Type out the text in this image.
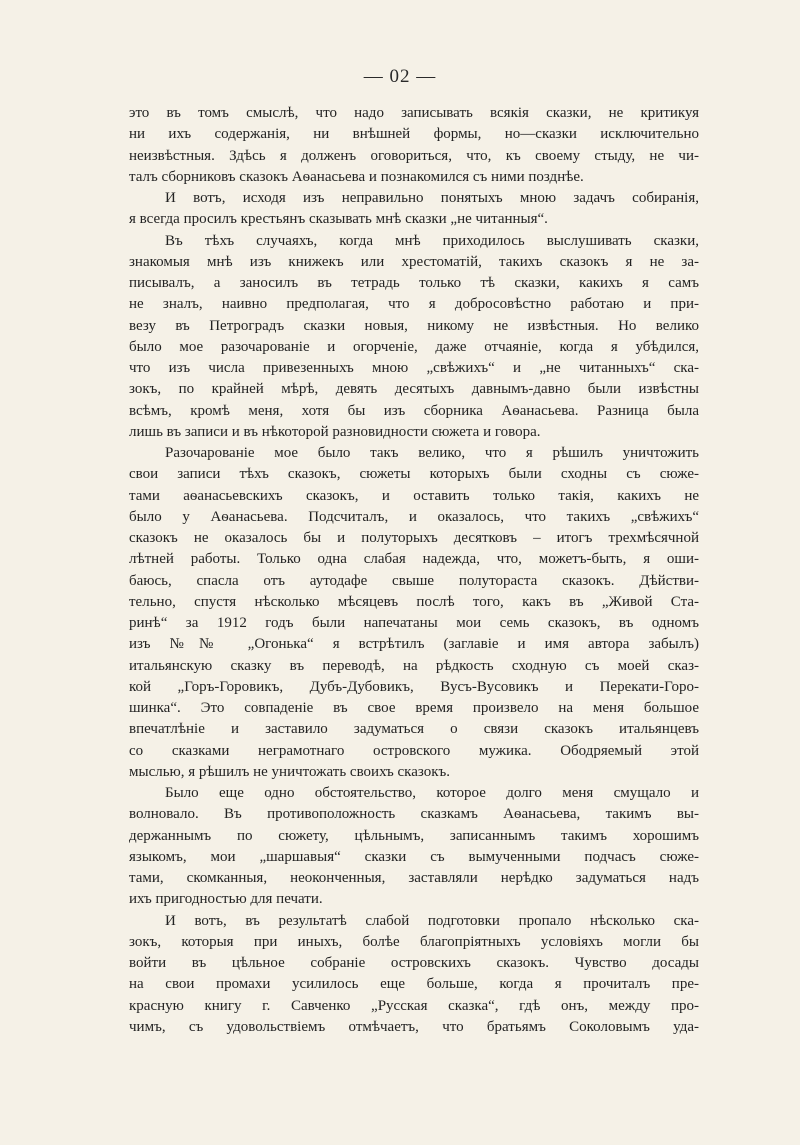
— 02 —
это въ томъ смыслѣ, что надо записывать всякія сказки, не критикуя
ни ихъ содержанія, ни внѣшней формы, но—сказки исключительно
неизвѣстныя. Здѣсь я долженъ оговориться, что, къ своему стыду, не чи-
талъ сборниковъ сказокъ Аѳанасьева и познакомился съ ними позднѣе.
И вотъ, исходя изъ неправильно понятыхъ мною задачъ собиранія,
я всегда просилъ крестьянъ сказывать мнѣ сказки „не читанныя“.
Въ тѣхъ случаяхъ, когда мнѣ приходилось выслушивать сказки,
знакомыя мнѣ изъ книжекъ или хрестоматій, такихъ сказокъ я не за-
писывалъ, а заносилъ въ тетрадь только тѣ сказки, какихъ я самъ
не зналъ, наивно предполагая, что я добросовѣстно работаю и при-
везу въ Петроградъ сказки новыя, никому не извѣстныя. Но велико
было мое разочарованіе и огорченіе, даже отчаяніе, когда я убѣдился,
что изъ числа привезенныхъ мною „свѣжихъ“ и „не читанныхъ“ ска-
зокъ, по крайней мѣрѣ, девять десятыхъ давнымъ-давно были извѣстны
всѣмъ, кромѣ меня, хотя бы изъ сборника Аѳанасьева. Разница была
лишь въ записи и въ нѣкоторой разновидности сюжета и говора.
Разочарованіе мое было такъ велико, что я рѣшилъ уничтожить
свои записи тѣхъ сказокъ, сюжеты которыхъ были сходны съ сюже-
тами аѳанасьевскихъ сказокъ, и оставить только такія, какихъ не
было у Аѳанасьева. Подсчиталъ, и оказалось, что такихъ „свѣжихъ“
сказокъ не оказалось бы и полуторыхъ десятковъ – итогъ трехмѣсячной
лѣтней работы. Только одна слабая надежда, что, можетъ-быть, я оши-
баюсь, спасла отъ аутодафе свыше полутораста сказокъ. Дѣйстви-
тельно, спустя нѣсколько мѣсяцевъ послѣ того, какъ въ „Живой Ста-
ринѣ“ за 1912 годъ были напечатаны мои семь сказокъ, въ одномъ
изъ №№ „Огонька“ я встрѣтилъ (заглавіе и имя автора забылъ)
итальянскую сказку въ переводѣ, на рѣдкость сходную съ моей сказ-
кой „Горъ-Горовикъ, Дубъ-Дубовикъ, Вусъ-Вусовикъ и Перекати-Горо-
шинка“. Это совпаденіе въ свое время произвело на меня большое
впечатлѣніе и заставило задуматься о связи сказокъ итальянцевъ
со сказками неграмотнаго островского мужика. Ободряемый этой
мыслью, я рѣшилъ не уничтожать своихъ сказокъ.
Было еще одно обстоятельство, которое долго меня смущало и
волновало. Въ противоположность сказкамъ Аѳанасьева, такимъ вы-
держаннымъ по сюжету, цѣльнымъ, записаннымъ такимъ хорошимъ
языкомъ, мои „шаршавыя“ сказки съ вымученными подчасъ сюже-
тами, скомканныя, неоконченныя, заставляли нерѣдко задуматься надъ
ихъ пригодностью для печати.
И вотъ, въ результатѣ слабой подготовки пропало нѣсколько ска-
зокъ, которыя при иныхъ, болѣе благопріятныхъ условіяхъ могли бы
войти въ цѣльное собраніе островскихъ сказокъ. Чувство досады
на свои промахи усилилось еще больше, когда я прочиталъ пре-
красную книгу г. Савченко „Русская сказка“, гдѣ онъ, между про-
чимъ, съ удовольствіемъ отмѣчаетъ, что братьямъ Соколовымъ уда-
